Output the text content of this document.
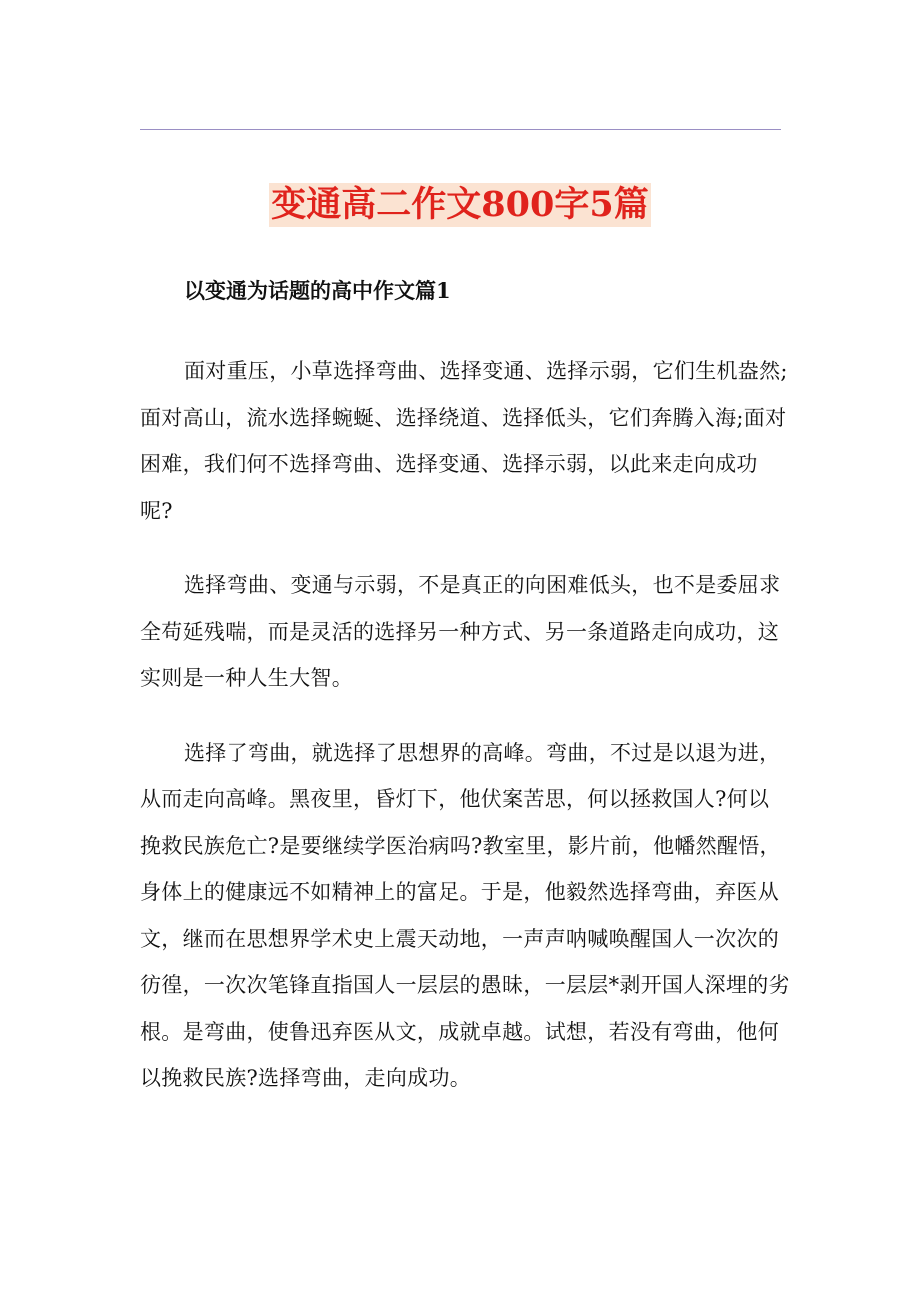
变通高二作文800字5篇
以变通为话题的高中作文篇1

面对重压，小草选择弯曲、选择变通、选择示弱，它们生机盎然;面对高山，流水选择蜿蜒、选择绕道、选择低头，它们奔腾入海;面对困难，我们何不选择弯曲、选择变通、选择示弱，以此来走向成功呢?

选择弯曲、变通与示弱，不是真正的向困难低头，也不是委屈求全苟延残喘，而是灵活的选择另一种方式、另一条道路走向成功，这实则是一种人生大智。

选择了弯曲，就选择了思想界的高峰。弯曲，不过是以退为进，从而走向高峰。黑夜里，昏灯下，他伏案苦思，何以拯救国人?何以挽救民族危亡?是要继续学医治病吗?教室里，影片前，他幡然醒悟，身体上的健康远不如精神上的富足。于是，他毅然选择弯曲，弃医从文，继而在思想界学术史上震天动地，一声声呐喊唤醒国人一次次的彷徨，一次次笔锋直指国人一层层的愚昧，一层层*剥开国人深埋的劣根。是弯曲，使鲁迅弃医从文，成就卓越。试想，若没有弯曲，他何以挽救民族?选择弯曲，走向成功。
